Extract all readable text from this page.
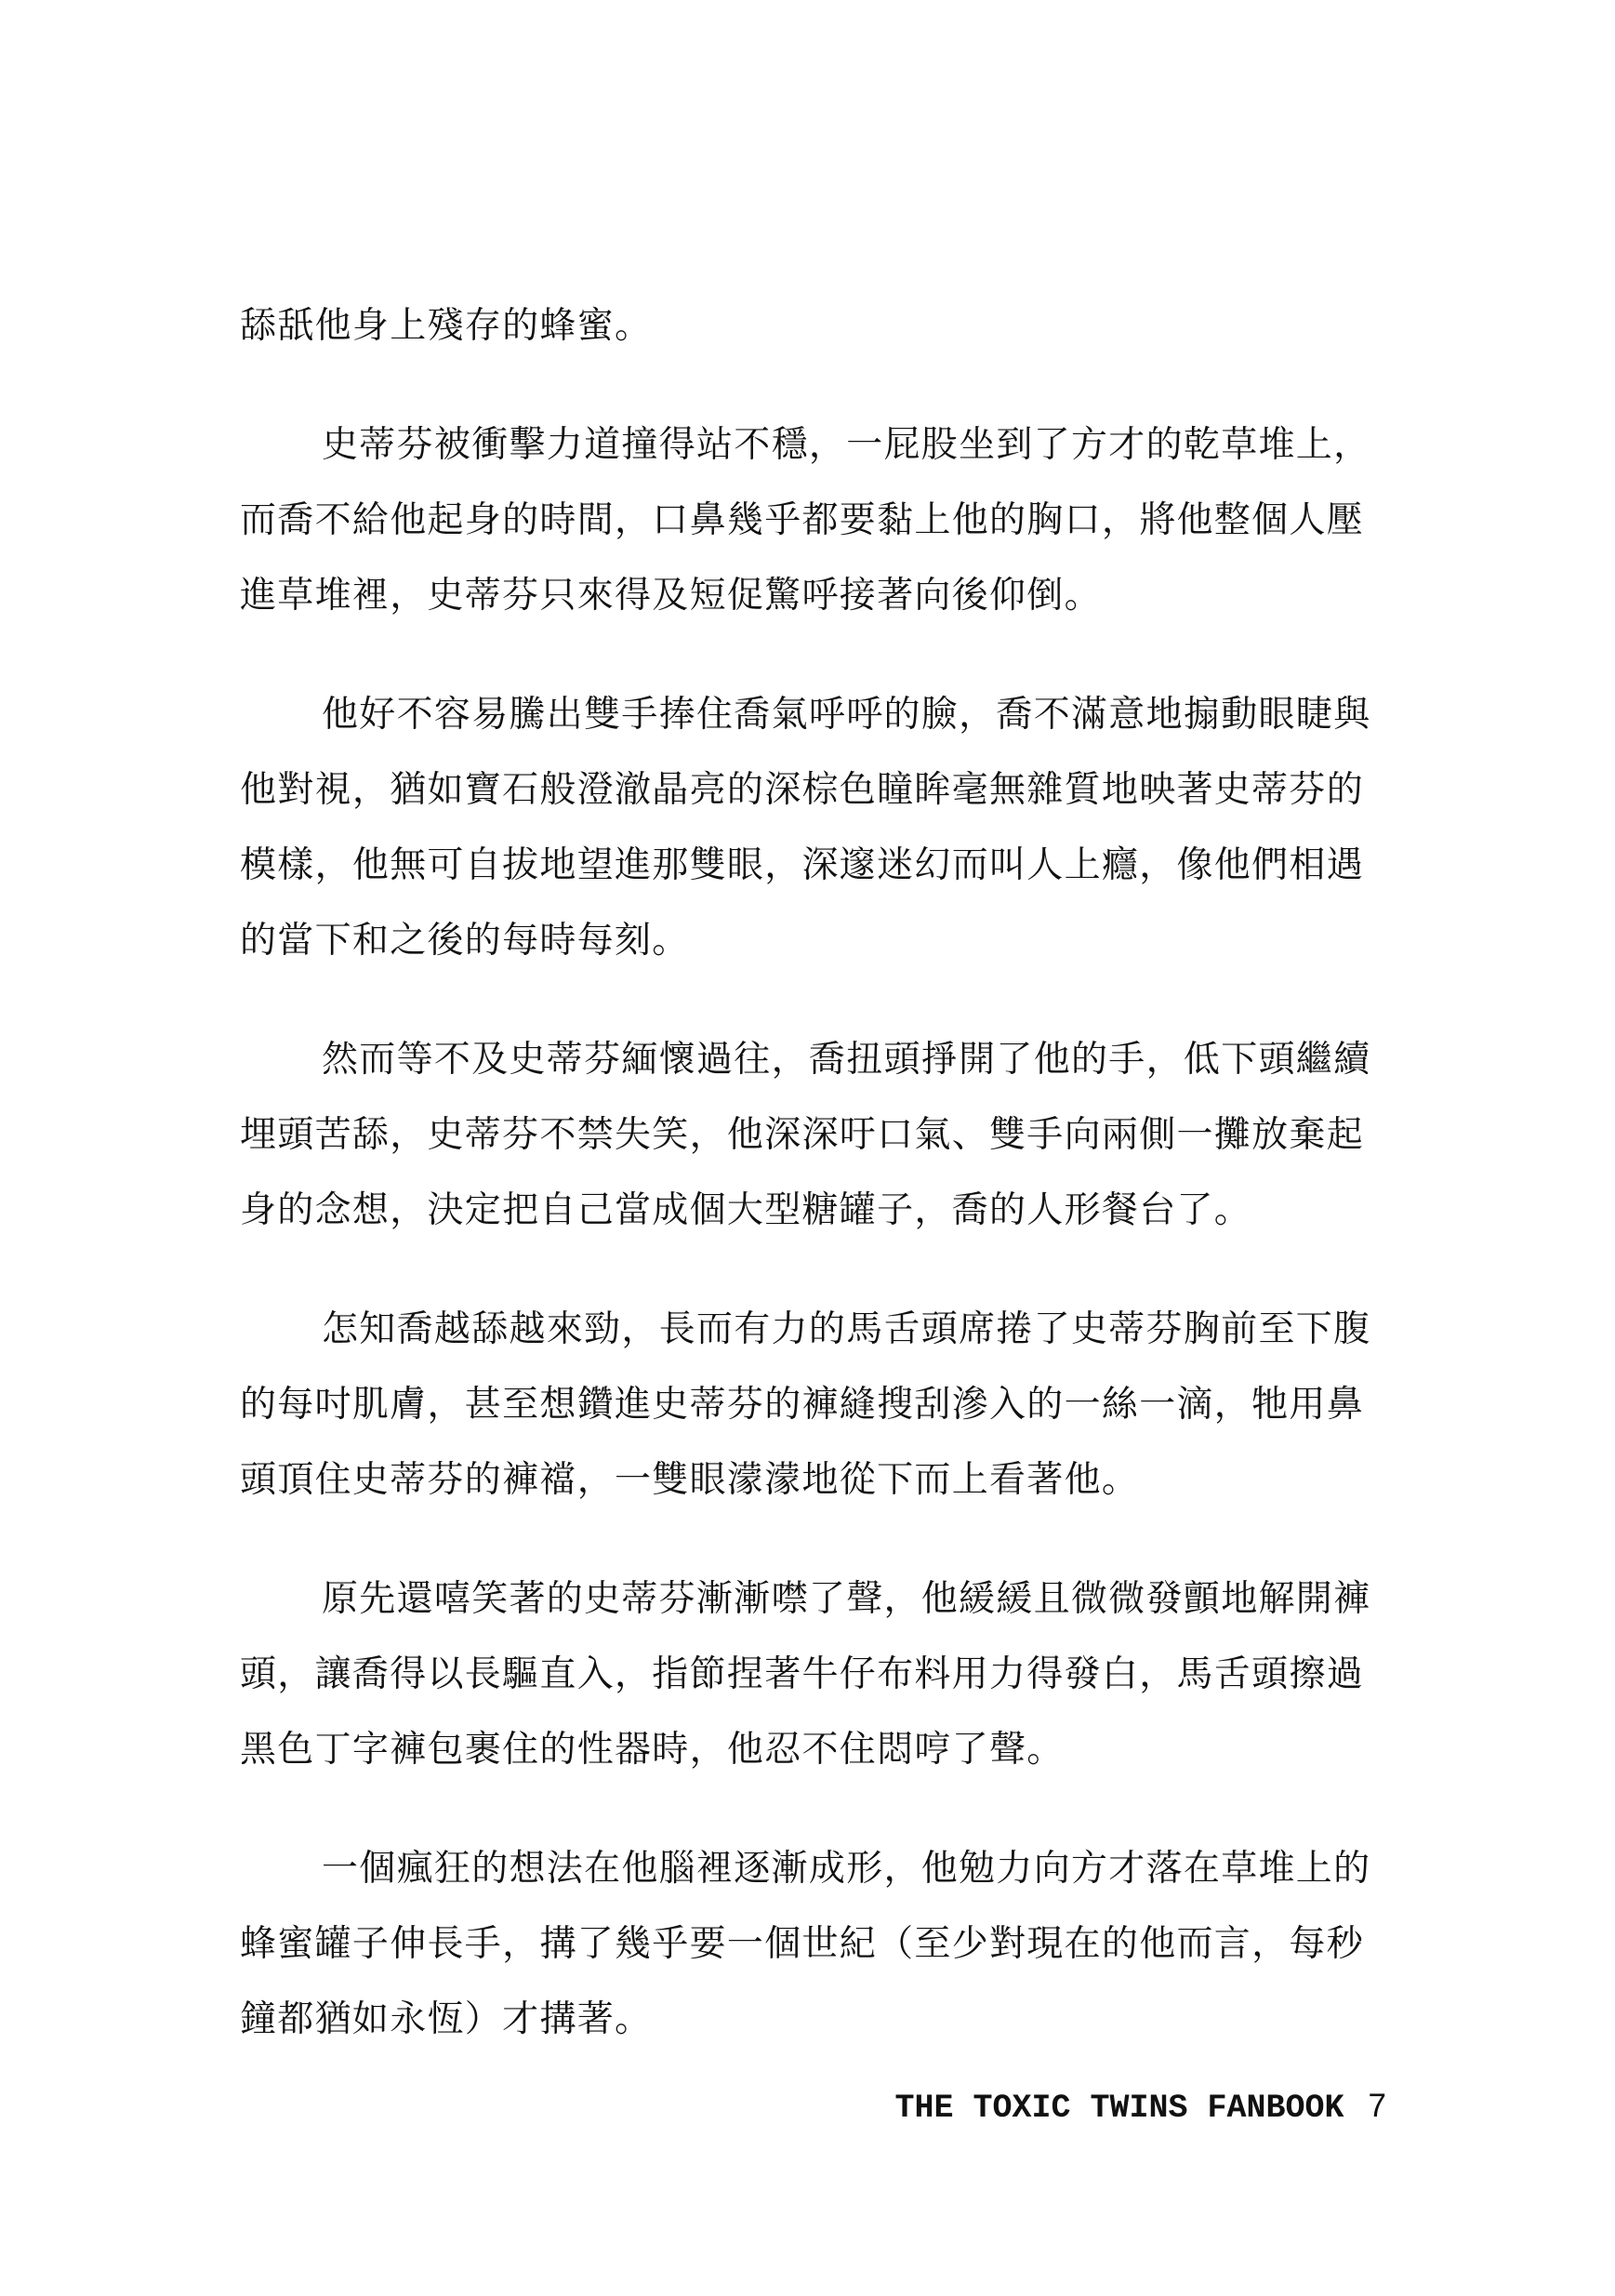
舔舐他身上殘存的蜂蜜。
史蒂芬被衝擊力道撞得站不穩，一屁股坐到了方才的乾草堆上，
而喬不給他起身的時間，口鼻幾乎都要黏上他的胸口，將他整個人壓
進草堆裡，史蒂芬只來得及短促驚呼接著向後仰倒。
他好不容易騰出雙手捧住喬氣呼呼的臉，喬不滿意地搧動眼睫與
他對視，猶如寶石般澄澈晶亮的深棕色瞳眸毫無雜質地映著史蒂芬的
模樣，他無可自拔地望進那雙眼，深邃迷幻而叫人上癮，像他們相遇
的當下和之後的每時每刻。
然而等不及史蒂芬緬懷過往，喬扭頭掙開了他的手，低下頭繼續
埋頭苦舔，史蒂芬不禁失笑，他深深吁口氣、雙手向兩側一攤放棄起
身的念想，決定把自己當成個大型糖罐子，喬的人形餐台了。
怎知喬越舔越來勁，長而有力的馬舌頭席捲了史蒂芬胸前至下腹
的每吋肌膚，甚至想鑽進史蒂芬的褲縫搜刮滲入的一絲一滴，牠用鼻
頭頂住史蒂芬的褲襠，一雙眼濛濛地從下而上看著他。
原先還嘻笑著的史蒂芬漸漸噤了聲，他緩緩且微微發顫地解開褲
頭，讓喬得以長驅直入，指節捏著牛仔布料用力得發白，馬舌頭擦過
黑色丁字褲包裹住的性器時，他忍不住悶哼了聲。
一個瘋狂的想法在他腦裡逐漸成形，他勉力向方才落在草堆上的
蜂蜜罐子伸長手，搆了幾乎要一個世紀（至少對現在的他而言，每秒
鐘都猶如永恆）才搆著。
THE TOXIC TWINS FANBOOK 7
